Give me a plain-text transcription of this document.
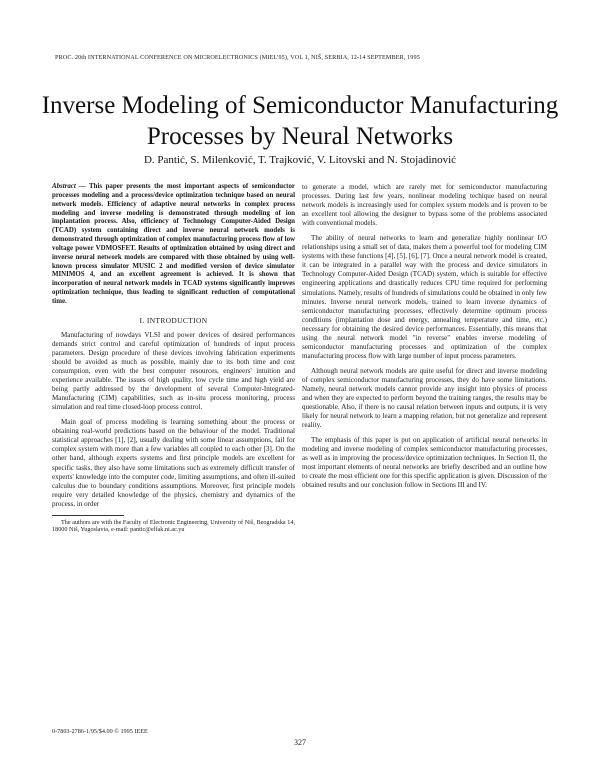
PROC. 20th INTERNATIONAL CONFERENCE ON MICROELECTRONICS (MIEL'95), VOL 1, NIŠ, SERBIA, 12-14 SEPTEMBER, 1995
Inverse Modeling of Semiconductor Manufacturing Processes by Neural Networks
D. Pantić, S. Milenković, T. Trajković, V. Litovski and N. Stojadinović
Abstract — This paper presents the most important aspects of semiconductor processes modeling and a process/device optimization technique based on neural network models. Efficiency of adaptive neural networks in complex process modeling and inverse modeling is demonstrated through modeling of ion implantation process. Also, efficiency of Technology Computer-Aided Design (TCAD) system containing direct and inverse neural network models is demonstrated through optimization of complex manufacturing process flow of low voltage power VDMOSFET. Results of optimization obtained by using direct and inverse neural network models are compared with those obtained by using well-known process simulator MUSIC 2 and modified version of device simulator MINIMOS 4, and an excellent agreement is achieved. It is shown that incorporation of neural network models in TCAD systems significantly improves optimization technique, thus leading to significant reduction of computational time.
I. INTRODUCTION

Manufacturing of nowdays VLSI and power devices of desired performances demands strict control and careful optimization of hundreds of input process parameters. Design procedure of these devices involving fabrication experiments should be avoided as much as possible, mainly due to its both time and cost consumption, even with the best computer resources, engineers' intuition and experience available. The issues of high quality, low cycle time and high yield are being partly addressed by the development of several Computer-Integrated-Manufacturing (CIM) capabilities, such as in-situ process monitoring, process simulation and real time closed-loop process control.

Main goal of process modeling is learning something about the process or obtaining real-world predictions based on the behaviour of the model. Traditional statistical approaches [1], [2], usually dealing with some linear assumptions, fail for complex system with more than a few variables all coupled to each other [3]. On the other hand, although experts systems and first principle models are excellent for specific tasks, they also have some limitations such as extremely difficult transfer of experts' knowledge into the computer code, limiting assumptions, and often ill-suited calculus due to boundary conditions assumptions. Moreover, first principle models require very detailed knowledge of the physics, chemistry and dynamics of the process, in order

The authors are with the Faculty of Electronic Engineering, University of Niš, Beogradska 14, 18000 Niš, Yugoslavia, e-mail: pantic@elfak.ni.ac.yu

to generate a model, which are rarely met for semiconductor manufacturing processes. During last few years, nonlinear modeling techique based on neural network models is increasingly used for complex system models and is proven to be an excellent tool allowing the designer to bypass some of the problems associated with conventional models.

The ability of neural networks to learn and generalize highly nonlinear I/O relationships using a small set of data, makes them a powerful tool for modeling CIM systems with these functions [4], [5], [6], [7]. Once a neural network model is created, it can be integrated in a parallel way with the process and device simulators in Technology Computer-Aided Design (TCAD) system, which is suitable for effective engineering applications and drastically reduces CPU time required for performing simulations. Namely, results of hundreds of simulations could be obtained in only few minutes. Inverse neural network models, trained to learn inverse dynamics of semiconductor manufacturing processes, effectively determine optimum process conditions (implantation dose and energy, annealing temperature and time, etc.) necessary for obtaining the desired device performances. Essentially, this means that using the neural network model "in reverse" enables inverse modeling of semiconductor manufacturing processes and optimization of the complex manufacturing process flow with large number of input process parameters.

Although neural network models are quite useful for direct and inverse modeling of complex semiconductor manufacturing processes, they do have some limitations. Namely, neural network models cannot provide any insight into physics of process and when they are expected to perform beyond the training ranges, the results may be questionable. Also, if there is no causal relation between inputs and outputs, it is very likely for neural network to learn a mapping relation, but not generalize and represent reality.

The emphasis of this paper is put on application of artificial neural networks in modeling and inverse modeling of complex semiconductor manufacturing processes, as well as in improving the process/device optimization techniques. In Section II, the most important elements of neural networks are briefly described and an outline how to create the most efficient one for this specific application is given. Discussion of the obtained results and our conclusion follow in Sections III and IV.

0-7803-2786-1/95/$4.00 © 1995 IEEE
327
